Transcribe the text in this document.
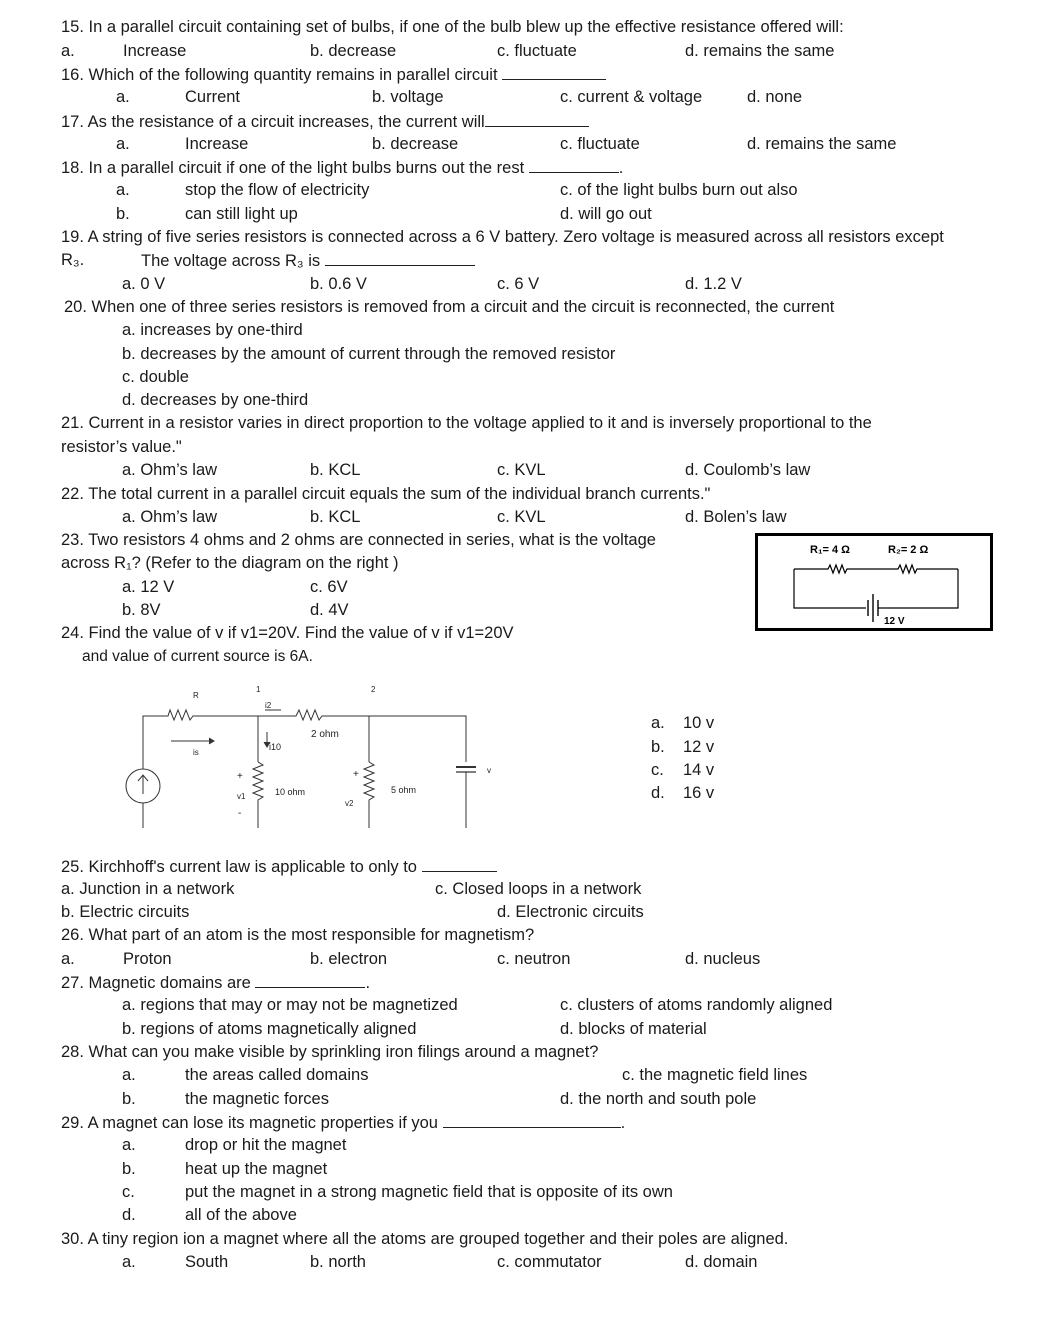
15. In a parallel circuit containing set of bulbs, if one of the bulb blew up the effective resistance offered will:
a.	Increase	b. decrease	c. fluctuate	d. remains the same
16. Which of the following quantity remains in parallel circuit
a.	Current	b. voltage	c. current & voltage	d. none
17. As the resistance of a circuit increases, the current will
a.	Increase	b. decrease	c. fluctuate	d. remains the same
18. In a parallel circuit if one of the light bulbs burns out the rest	.
a.	stop the flow of electricity	c. of the light bulbs burn out also
b.	can still light up	d. will go out
19. A string of five series resistors is connected across a 6 V battery. Zero voltage is measured across all resistors except
R₃.	The voltage across R₃ is
a. 0 V	b. 0.6 V	c. 6 V	d. 1.2 V
20. When one of three series resistors is removed from a circuit and the circuit is reconnected, the current
a. increases by one-third
b. decreases by the amount of current through the removed resistor
c. double
d. decreases by one-third
21. Current in a resistor varies in direct proportion to the voltage applied to it and is inversely proportional to the
resistor’s value."
a. Ohm’s law	b. KCL	c. KVL	d. Coulomb’s law
22. The total current in a parallel circuit equals the sum of the individual branch currents."
a. Ohm’s law	b. KCL	c. KVL	d. Bolen’s law
23. Two resistors 4 ohms and 2 ohms are connected in series, what is the voltage
across R₁? (Refer to the diagram on the right )
a. 12 V	c. 6V
b. 8V	d. 4V
R₁= 4 Ω	R₂= 2 Ω
12 V
24. Find the value of v if v1=20V. Find the value of v if v1=20V
and value of current source is 6A.
R
1	2
i2
is
i10
2 ohm
10 ohm	5 ohm
+
v1
-
+
v2
v
a. 10 v
b. 12 v
c. 14 v
d. 16 v
25. Kirchhoff's current law is applicable to only to
a. Junction in a network	c. Closed loops in a network
b. Electric circuits	d. Electronic circuits
26. What part of an atom is the most responsible for magnetism?
a.	Proton	b. electron	c. neutron	d. nucleus
27. Magnetic domains are	.
a. regions that may or may not be magnetized	c. clusters of atoms randomly aligned
b. regions of atoms magnetically aligned	d. blocks of material
28. What can you make visible by sprinkling iron filings around a magnet?
a.	the areas called domains	c. the magnetic field lines
b.	the magnetic forces	d. the north and south pole
29. A magnet can lose its magnetic properties if you	.
a.	drop or hit the magnet
b.	heat up the magnet
c.	put the magnet in a strong magnetic field that is opposite of its own
d.	all of the above
30. A tiny region ion a magnet where all the atoms are grouped together and their poles are aligned.
a.	South	b. north	c. commutator	d. domain
